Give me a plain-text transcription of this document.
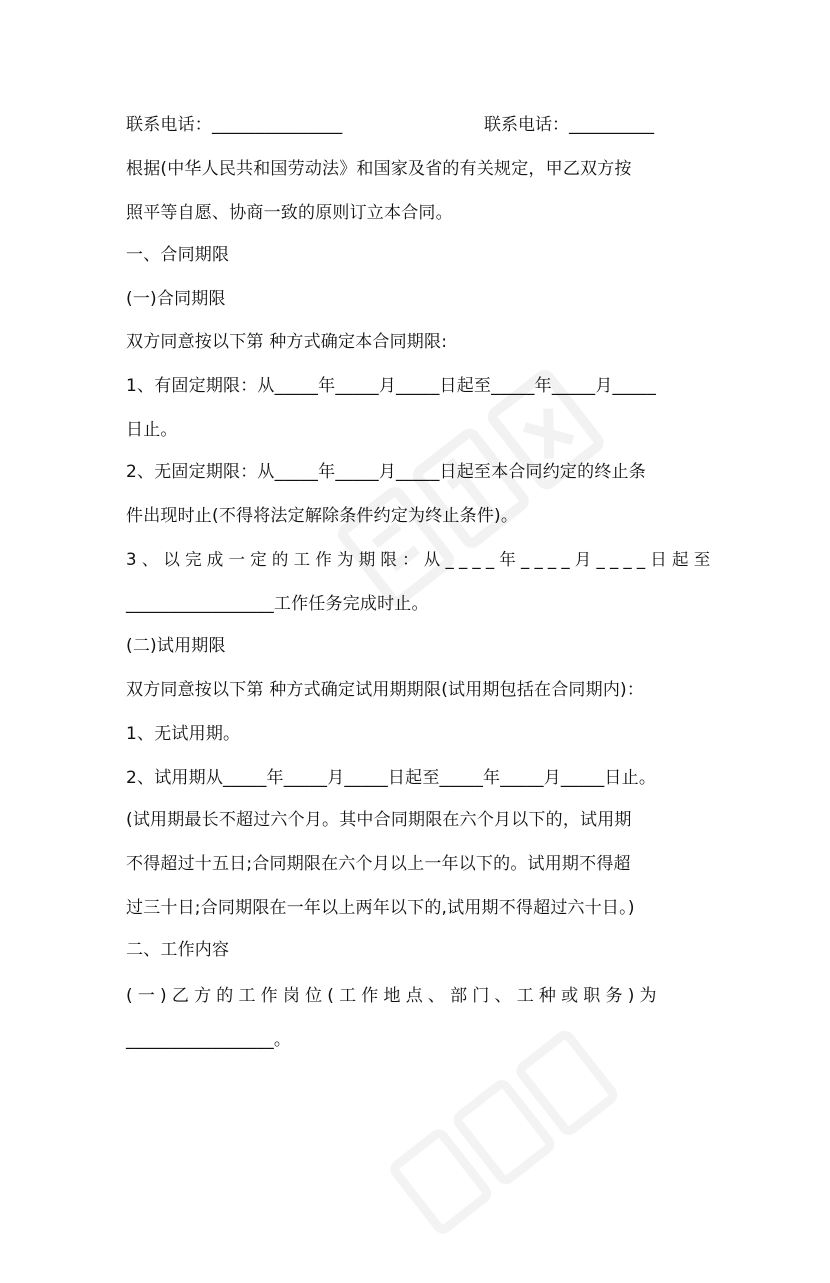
联系电话：_______________	联系电话：__________
根据(中华人民共和国劳动法》和国家及省的有关规定，甲乙双方按
照平等自愿、协商一致的原则订立本合同。
一、合同期限
(一)合同期限
双方同意按以下第 种方式确定本合同期限:
1、有固定期限：从_____年_____月_____日起至_____年_____月_____
日止。
2、无固定期限：从_____年_____月_____日起至本合同约定的终止条
件出现时止(不得将法定解除条件约定为终止条件)。
3、以完成一定的工作为期限：从____年____月____日起至
_________________工作任务完成时止。
(二)试用期限
双方同意按以下第 种方式确定试用期期限(试用期包括在合同期内)：
1、无试用期。
2、试用期从_____年_____月_____日起至_____年_____月_____日止。
(试用期最长不超过六个月。其中合同期限在六个月以下的，试用期
不得超过十五日;合同期限在六个月以上一年以下的。试用期不得超
过三十日;合同期限在一年以上两年以下的,试用期不得超过六十日。)
二、工作内容
(一)乙方的工作岗位(工作地点、部门、工种或职务)为
_________________。
